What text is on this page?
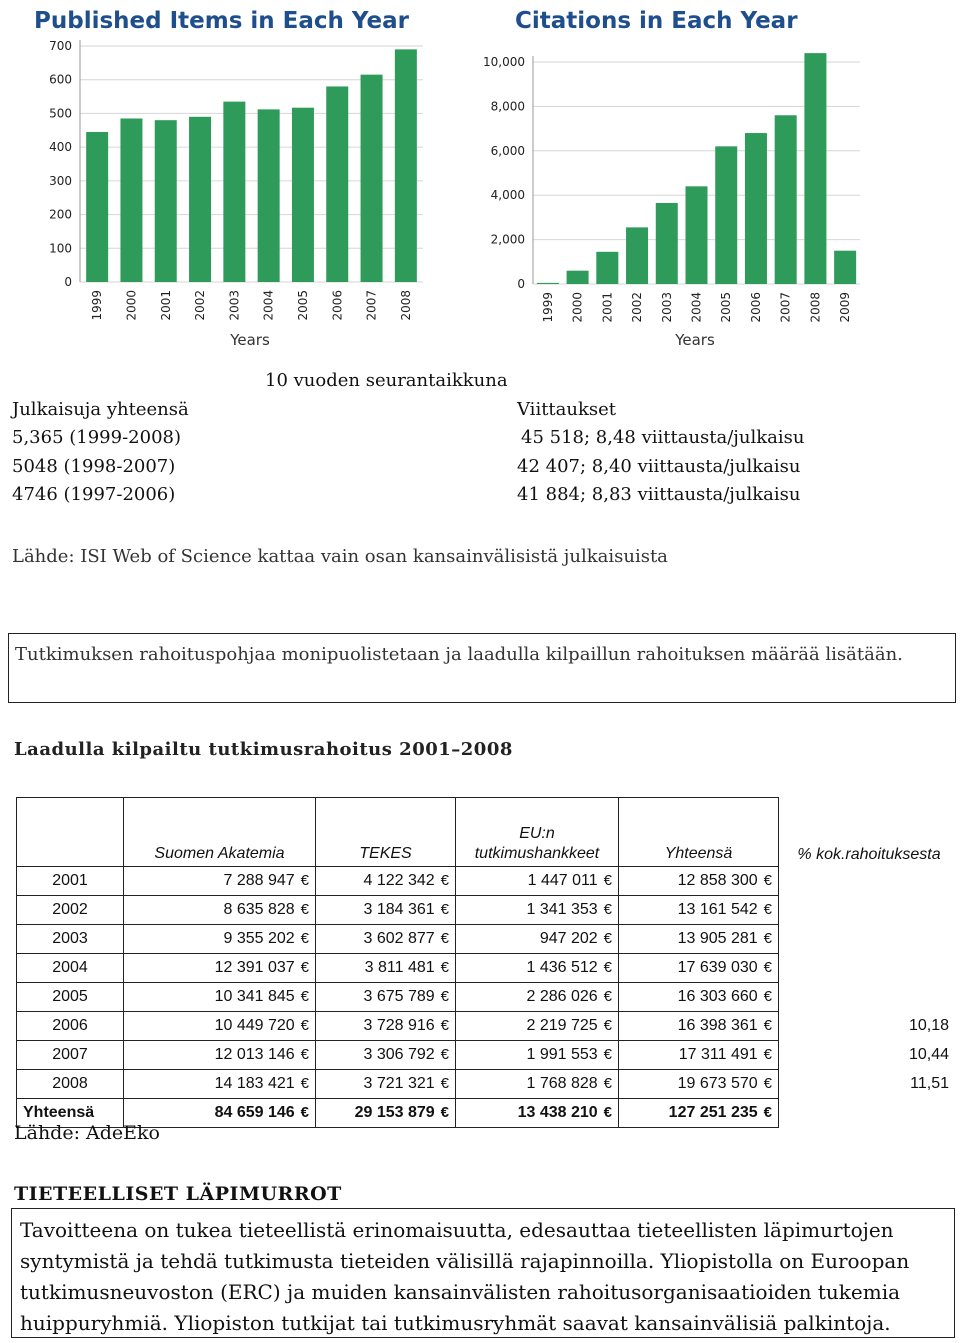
Published Items in Each Year
0
100
200
300
400
500
600
700
1999 2000 2001 2002 2003 2004 2005 2006 2007 2008
Years
Citations in Each Year
0
2,000
4,000
6,000
8,000
10,000
1999 2000 2001 2002 2003 2004 2005 2006 2007 2008 2009
Years
10 vuoden seurantaikkuna
Julkaisuja yhteensä	Viittaukset
5,365 (1999-2008)	45 518; 8,48 viittausta/julkaisu
5048 (1998-2007)	42 407; 8,40 viittausta/julkaisu
4746 (1997-2006)	41 884; 8,83 viittausta/julkaisu
Lähde: ISI Web of Science kattaa vain osan kansainvälisistä julkaisuista
Tutkimuksen rahoituspohjaa monipuolistetaan ja laadulla kilpaillun rahoituksen määrää lisätään.
Laadulla kilpailtu tutkimusrahoitus 2001–2008
	Suomen Akatemia	TEKES	EU:n tutkimushankkeet	Yhteensä	% kok.rahoituksesta

2001	7 288 947 €	4 122 342 €	1 447 011 €	12 858 300 €	
2002	8 635 828 €	3 184 361 €	1 341 353 €	13 161 542 €	
2003	9 355 202 €	3 602 877 €	947 202 €	13 905 281 €	
2004	12 391 037 €	3 811 481 €	1 436 512 €	17 639 030 €	
2005	10 341 845 €	3 675 789 €	2 286 026 €	16 303 660 €	
2006	10 449 720 €	3 728 916 €	2 219 725 €	16 398 361 €	10,18
2007	12 013 146 €	3 306 792 €	1 991 553 €	17 311 491 €	10,44
2008	14 183 421 €	3 721 321 €	1 768 828 €	19 673 570 €	11,51
Yhteensä	84 659 146 €	29 153 879 €	13 438 210 €	127 251 235 €	
Lähde: AdeEko
TIETEELLISET LÄPIMURROT
Tavoitteena on tukea tieteellistä erinomaisuutta, edesauttaa tieteellisten läpimurtojen syntymistä ja tehdä tutkimusta tieteiden välisillä rajapinnoilla. Yliopistolla on Euroopan tutkimusneuvoston (ERC) ja muiden kansainvälisten rahoitusorganisaatioiden tukemia huippuryhmiä. Yliopiston tutkijat tai tutkimusryhmät saavat kansainvälisiä palkintoja.
